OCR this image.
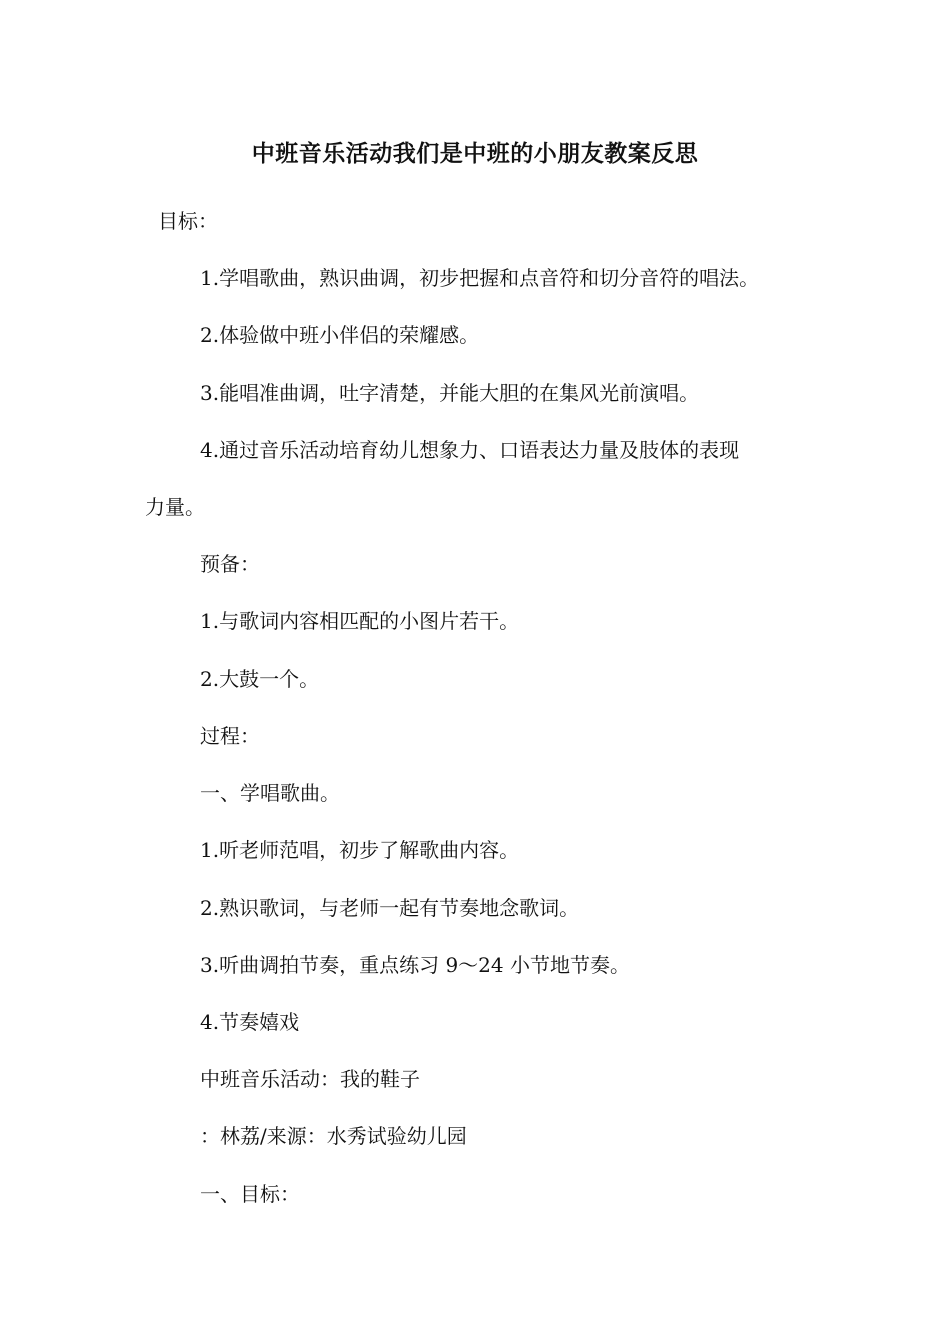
中班音乐活动我们是中班的小朋友教案反思

目标：

1.学唱歌曲，熟识曲调，初步把握和点音符和切分音符的唱法。

2.体验做中班小伴侣的荣耀感。

3.能唱准曲调，吐字清楚，并能大胆的在集风光前演唱。

4.通过音乐活动培育幼儿想象力、口语表达力量及肢体的表现

力量。

预备：

1.与歌词内容相匹配的小图片若干。

2.大鼓一个。

过程：

一、学唱歌曲。

1.听老师范唱，初步了解歌曲内容。

2.熟识歌词，与老师一起有节奏地念歌词。

3.听曲调拍节奏，重点练习 9～24 小节地节奏。

4.节奏嬉戏

中班音乐活动：我的鞋子

：林荔/来源：水秀试验幼儿园

一、目标：
